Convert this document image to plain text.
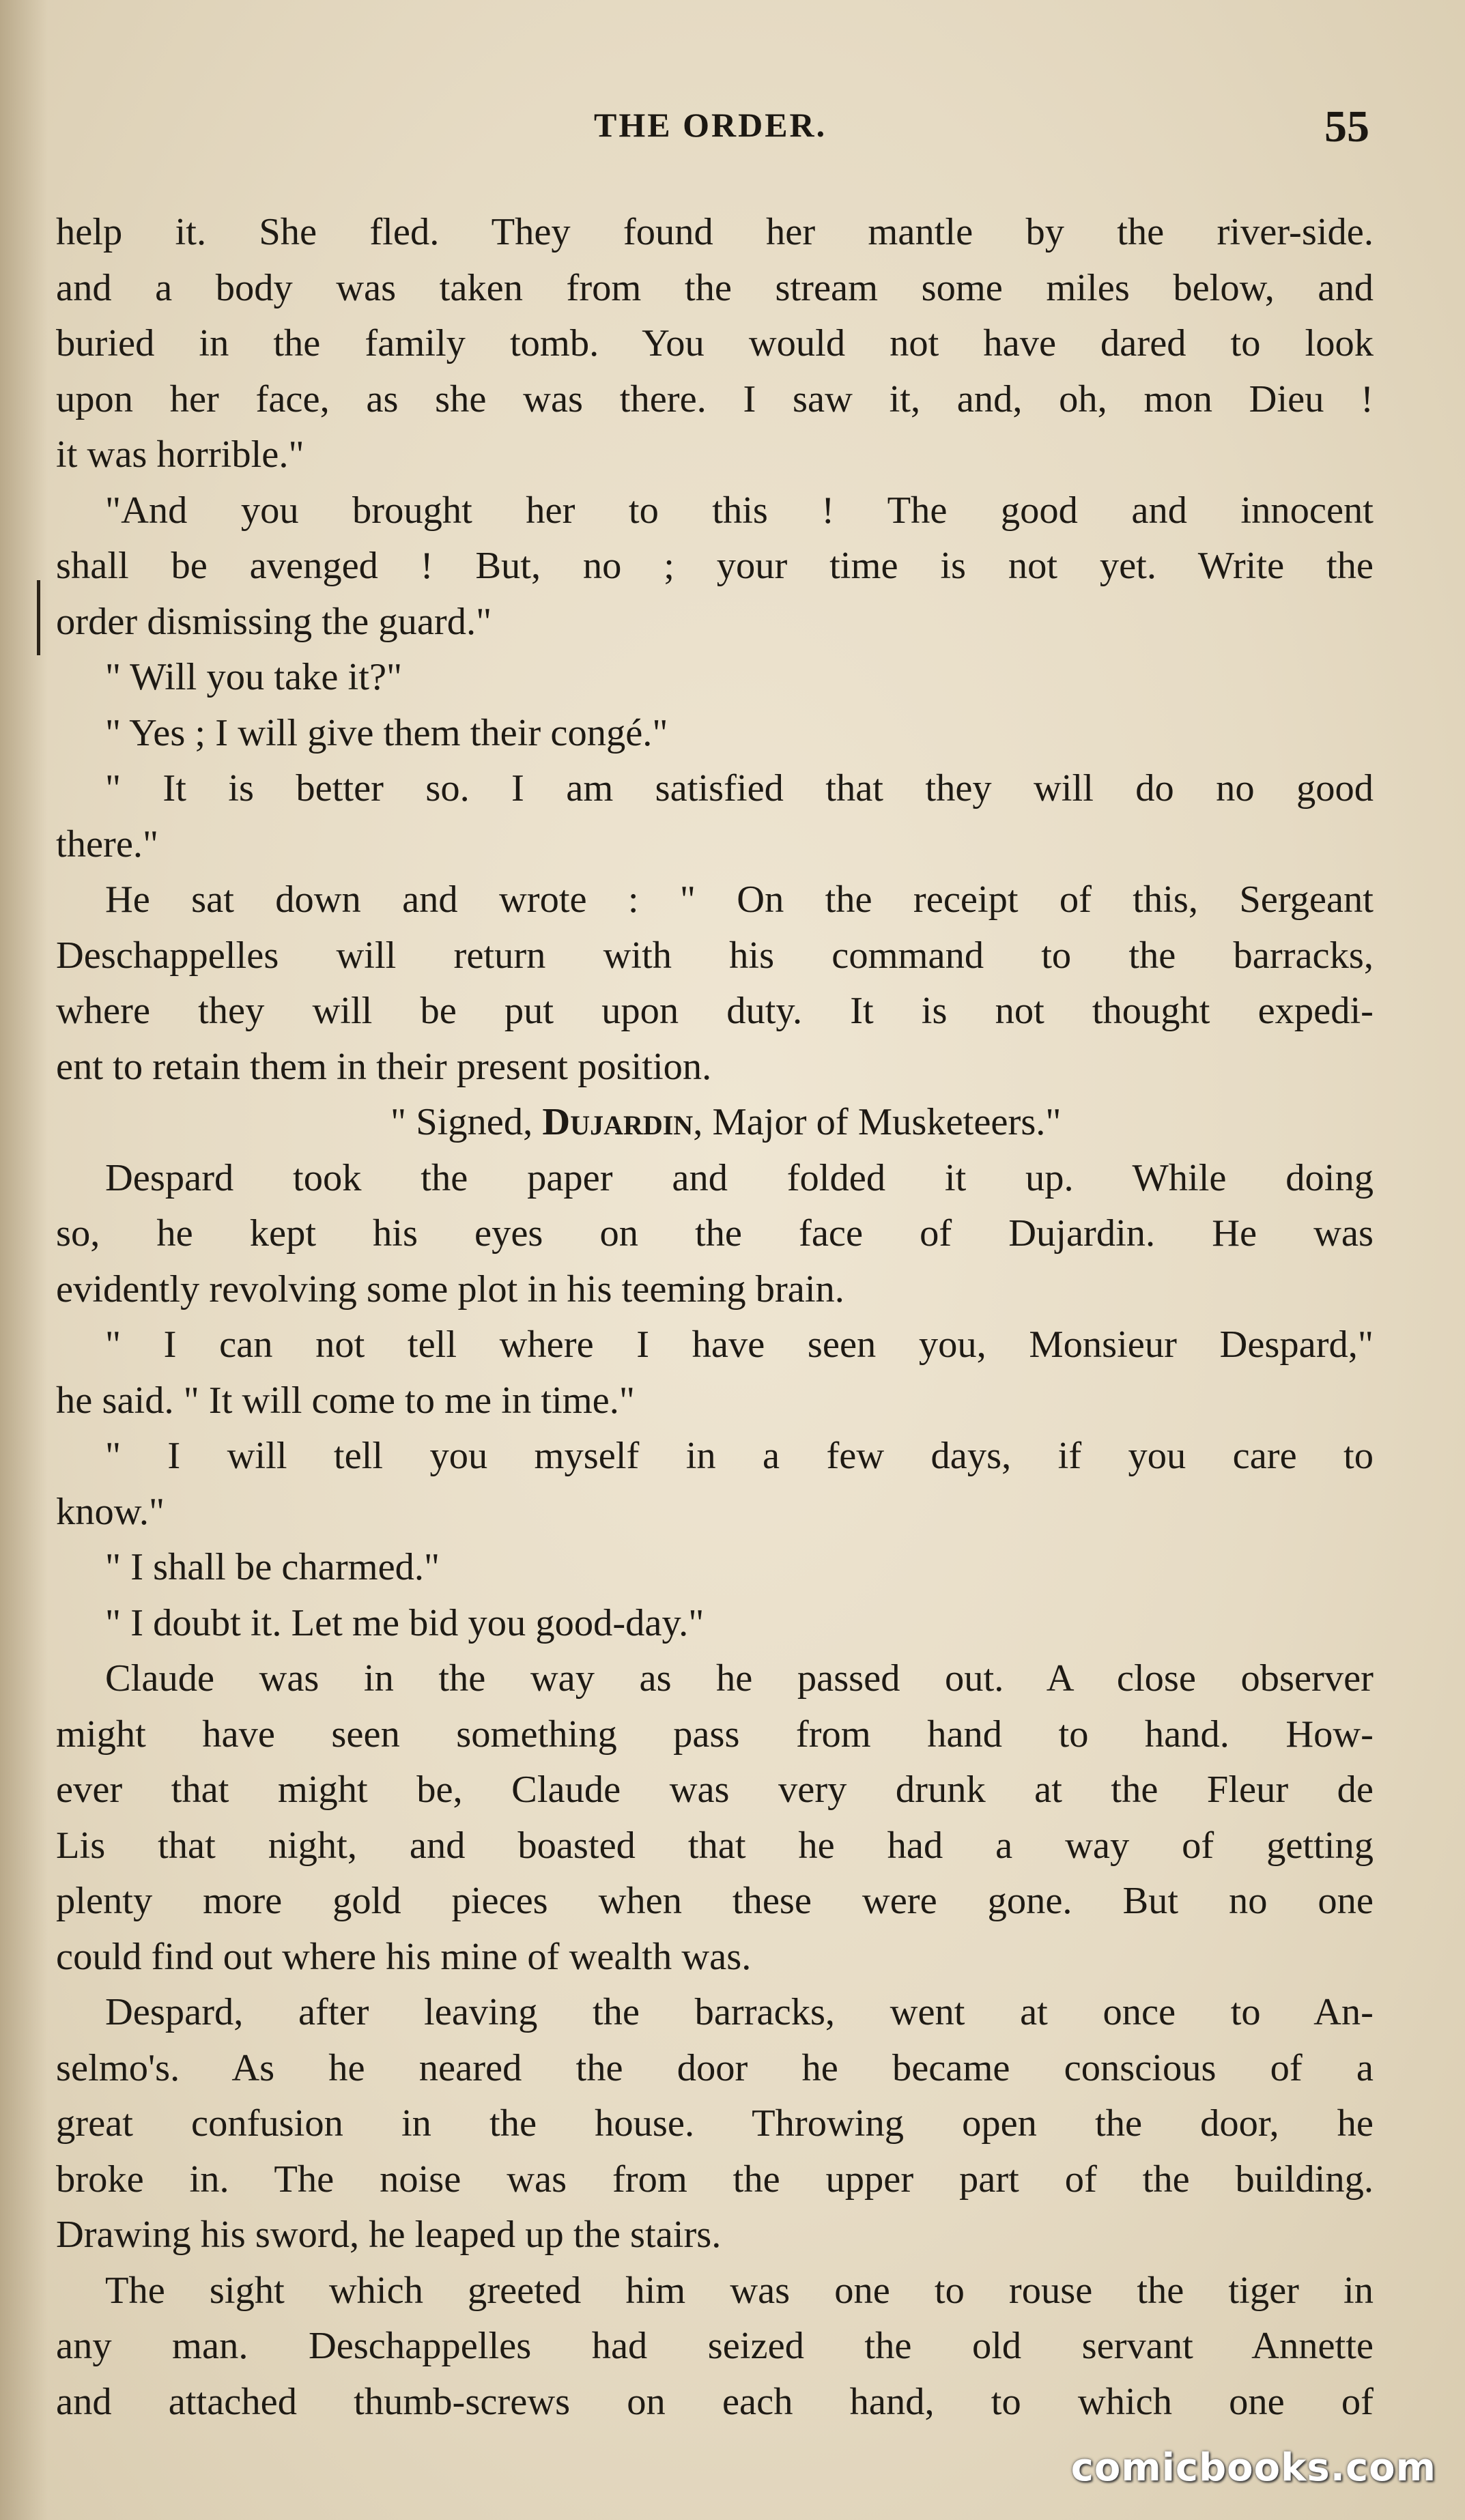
THE ORDER.	55
help it. She fled. They found her mantle by the river-side.
and a body was taken from the stream some miles below, and
buried in the family tomb. You would not have dared to look
upon her face, as she was there. I saw it, and, oh, mon Dieu !
it was horrible."
"And you brought her to this ! The good and innocent
shall be avenged ! But, no ; your time is not yet. Write the
order dismissing the guard."
" Will you take it?"
" Yes ; I will give them their congé."
" It is better so. I am satisfied that they will do no good
there."
He sat down and wrote : " On the receipt of this, Sergeant
Deschappelles will return with his command to the barracks,
where they will be put upon duty. It is not thought expedi-
ent to retain them in their present position.
" Signed, Dujardin, Major of Musketeers."
Despard took the paper and folded it up. While doing
so, he kept his eyes on the face of Dujardin. He was
evidently revolving some plot in his teeming brain.
" I can not tell where I have seen you, Monsieur Despard,"
he said. " It will come to me in time."
" I will tell you myself in a few days, if you care to
know."
" I shall be charmed."
" I doubt it. Let me bid you good-day."
Claude was in the way as he passed out. A close observer
might have seen something pass from hand to hand. How-
ever that might be, Claude was very drunk at the Fleur de
Lis that night, and boasted that he had a way of getting
plenty more gold pieces when these were gone. But no one
could find out where his mine of wealth was.
Despard, after leaving the barracks, went at once to An-
selmo's. As he neared the door he became conscious of a
great confusion in the house. Throwing open the door, he
broke in. The noise was from the upper part of the building.
Drawing his sword, he leaped up the stairs.
The sight which greeted him was one to rouse the tiger in
any man. Deschappelles had seized the old servant Annette
and attached thumb-screws on each hand, to which one of
comicbooks.com
